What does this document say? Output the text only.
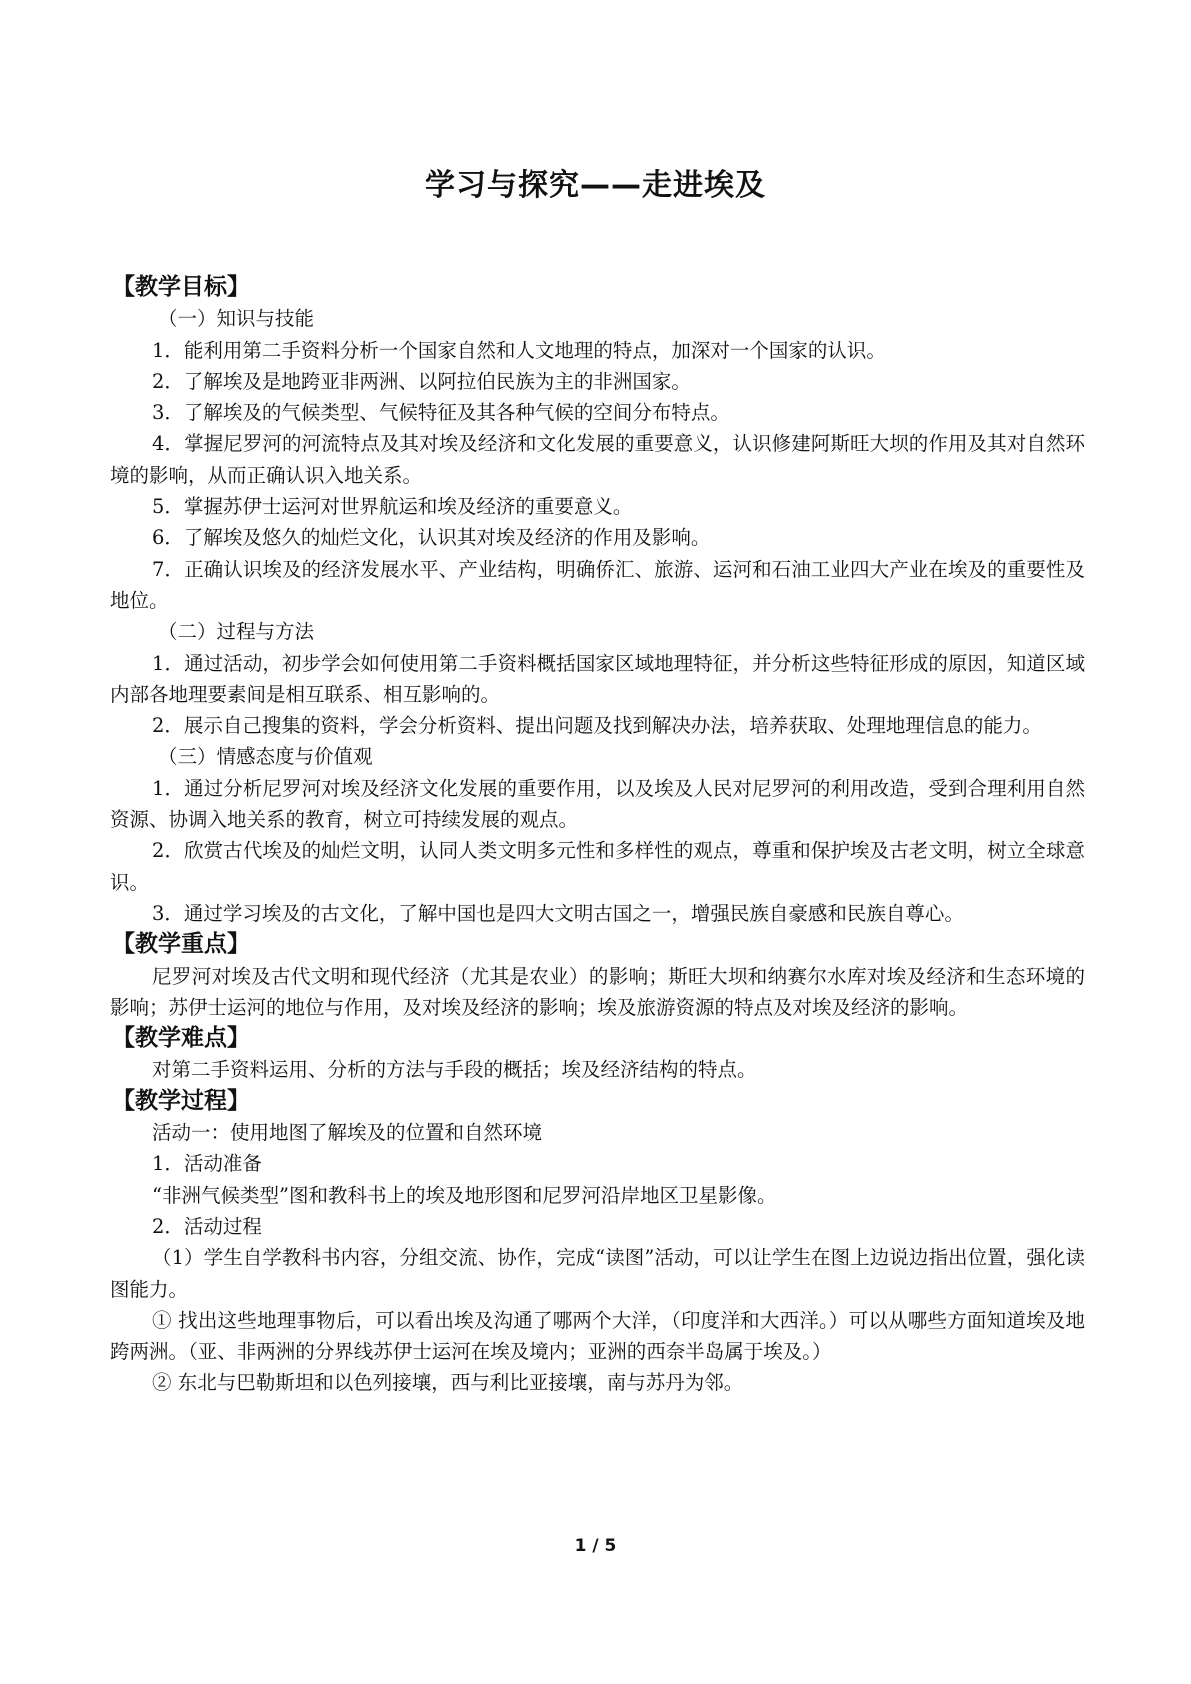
学习与探究——走进埃及
【教学目标】
（一）知识与技能
1．能利用第二手资料分析一个国家自然和人文地理的特点，加深对一个国家的认识。
2．了解埃及是地跨亚非两洲、以阿拉伯民族为主的非洲国家。
3．了解埃及的气候类型、气候特征及其各种气候的空间分布特点。
4．掌握尼罗河的河流特点及其对埃及经济和文化发展的重要意义，认识修建阿斯旺大坝的作用及其对自然环境的影响，从而正确认识入地关系。
5．掌握苏伊士运河对世界航运和埃及经济的重要意义。
6．了解埃及悠久的灿烂文化，认识其对埃及经济的作用及影响。
7．正确认识埃及的经济发展水平、产业结构，明确侨汇、旅游、运河和石油工业四大产业在埃及的重要性及地位。
（二）过程与方法
1．通过活动，初步学会如何使用第二手资料概括国家区域地理特征，并分析这些特征形成的原因，知道区域内部各地理要素间是相互联系、相互影响的。
2．展示自己搜集的资料，学会分析资料、提出问题及找到解决办法，培养获取、处理地理信息的能力。
（三）情感态度与价值观
1．通过分析尼罗河对埃及经济文化发展的重要作用，以及埃及人民对尼罗河的利用改造，受到合理利用自然资源、协调入地关系的教育，树立可持续发展的观点。
2．欣赏古代埃及的灿烂文明，认同人类文明多元性和多样性的观点，尊重和保护埃及古老文明，树立全球意识。
3．通过学习埃及的古文化，了解中国也是四大文明古国之一，增强民族自豪感和民族自尊心。
【教学重点】
尼罗河对埃及古代文明和现代经济（尤其是农业）的影响；斯旺大坝和纳赛尔水库对埃及经济和生态环境的影响；苏伊士运河的地位与作用，及对埃及经济的影响；埃及旅游资源的特点及对埃及经济的影响。
【教学难点】
对第二手资料运用、分析的方法与手段的概括；埃及经济结构的特点。
【教学过程】
活动一：使用地图了解埃及的位置和自然环境
1．活动准备
“非洲气候类型”图和教科书上的埃及地形图和尼罗河沿岸地区卫星影像。
2．活动过程
（1）学生自学教科书内容，分组交流、协作，完成“读图”活动，可以让学生在图上边说边指出位置，强化读图能力。
① 找出这些地理事物后，可以看出埃及沟通了哪两个大洋，（印度洋和大西洋。）可以从哪些方面知道埃及地跨两洲。（亚、非两洲的分界线苏伊士运河在埃及境内；亚洲的西奈半岛属于埃及。）
② 东北与巴勒斯坦和以色列接壤，西与利比亚接壤，南与苏丹为邻。
1 / 5
